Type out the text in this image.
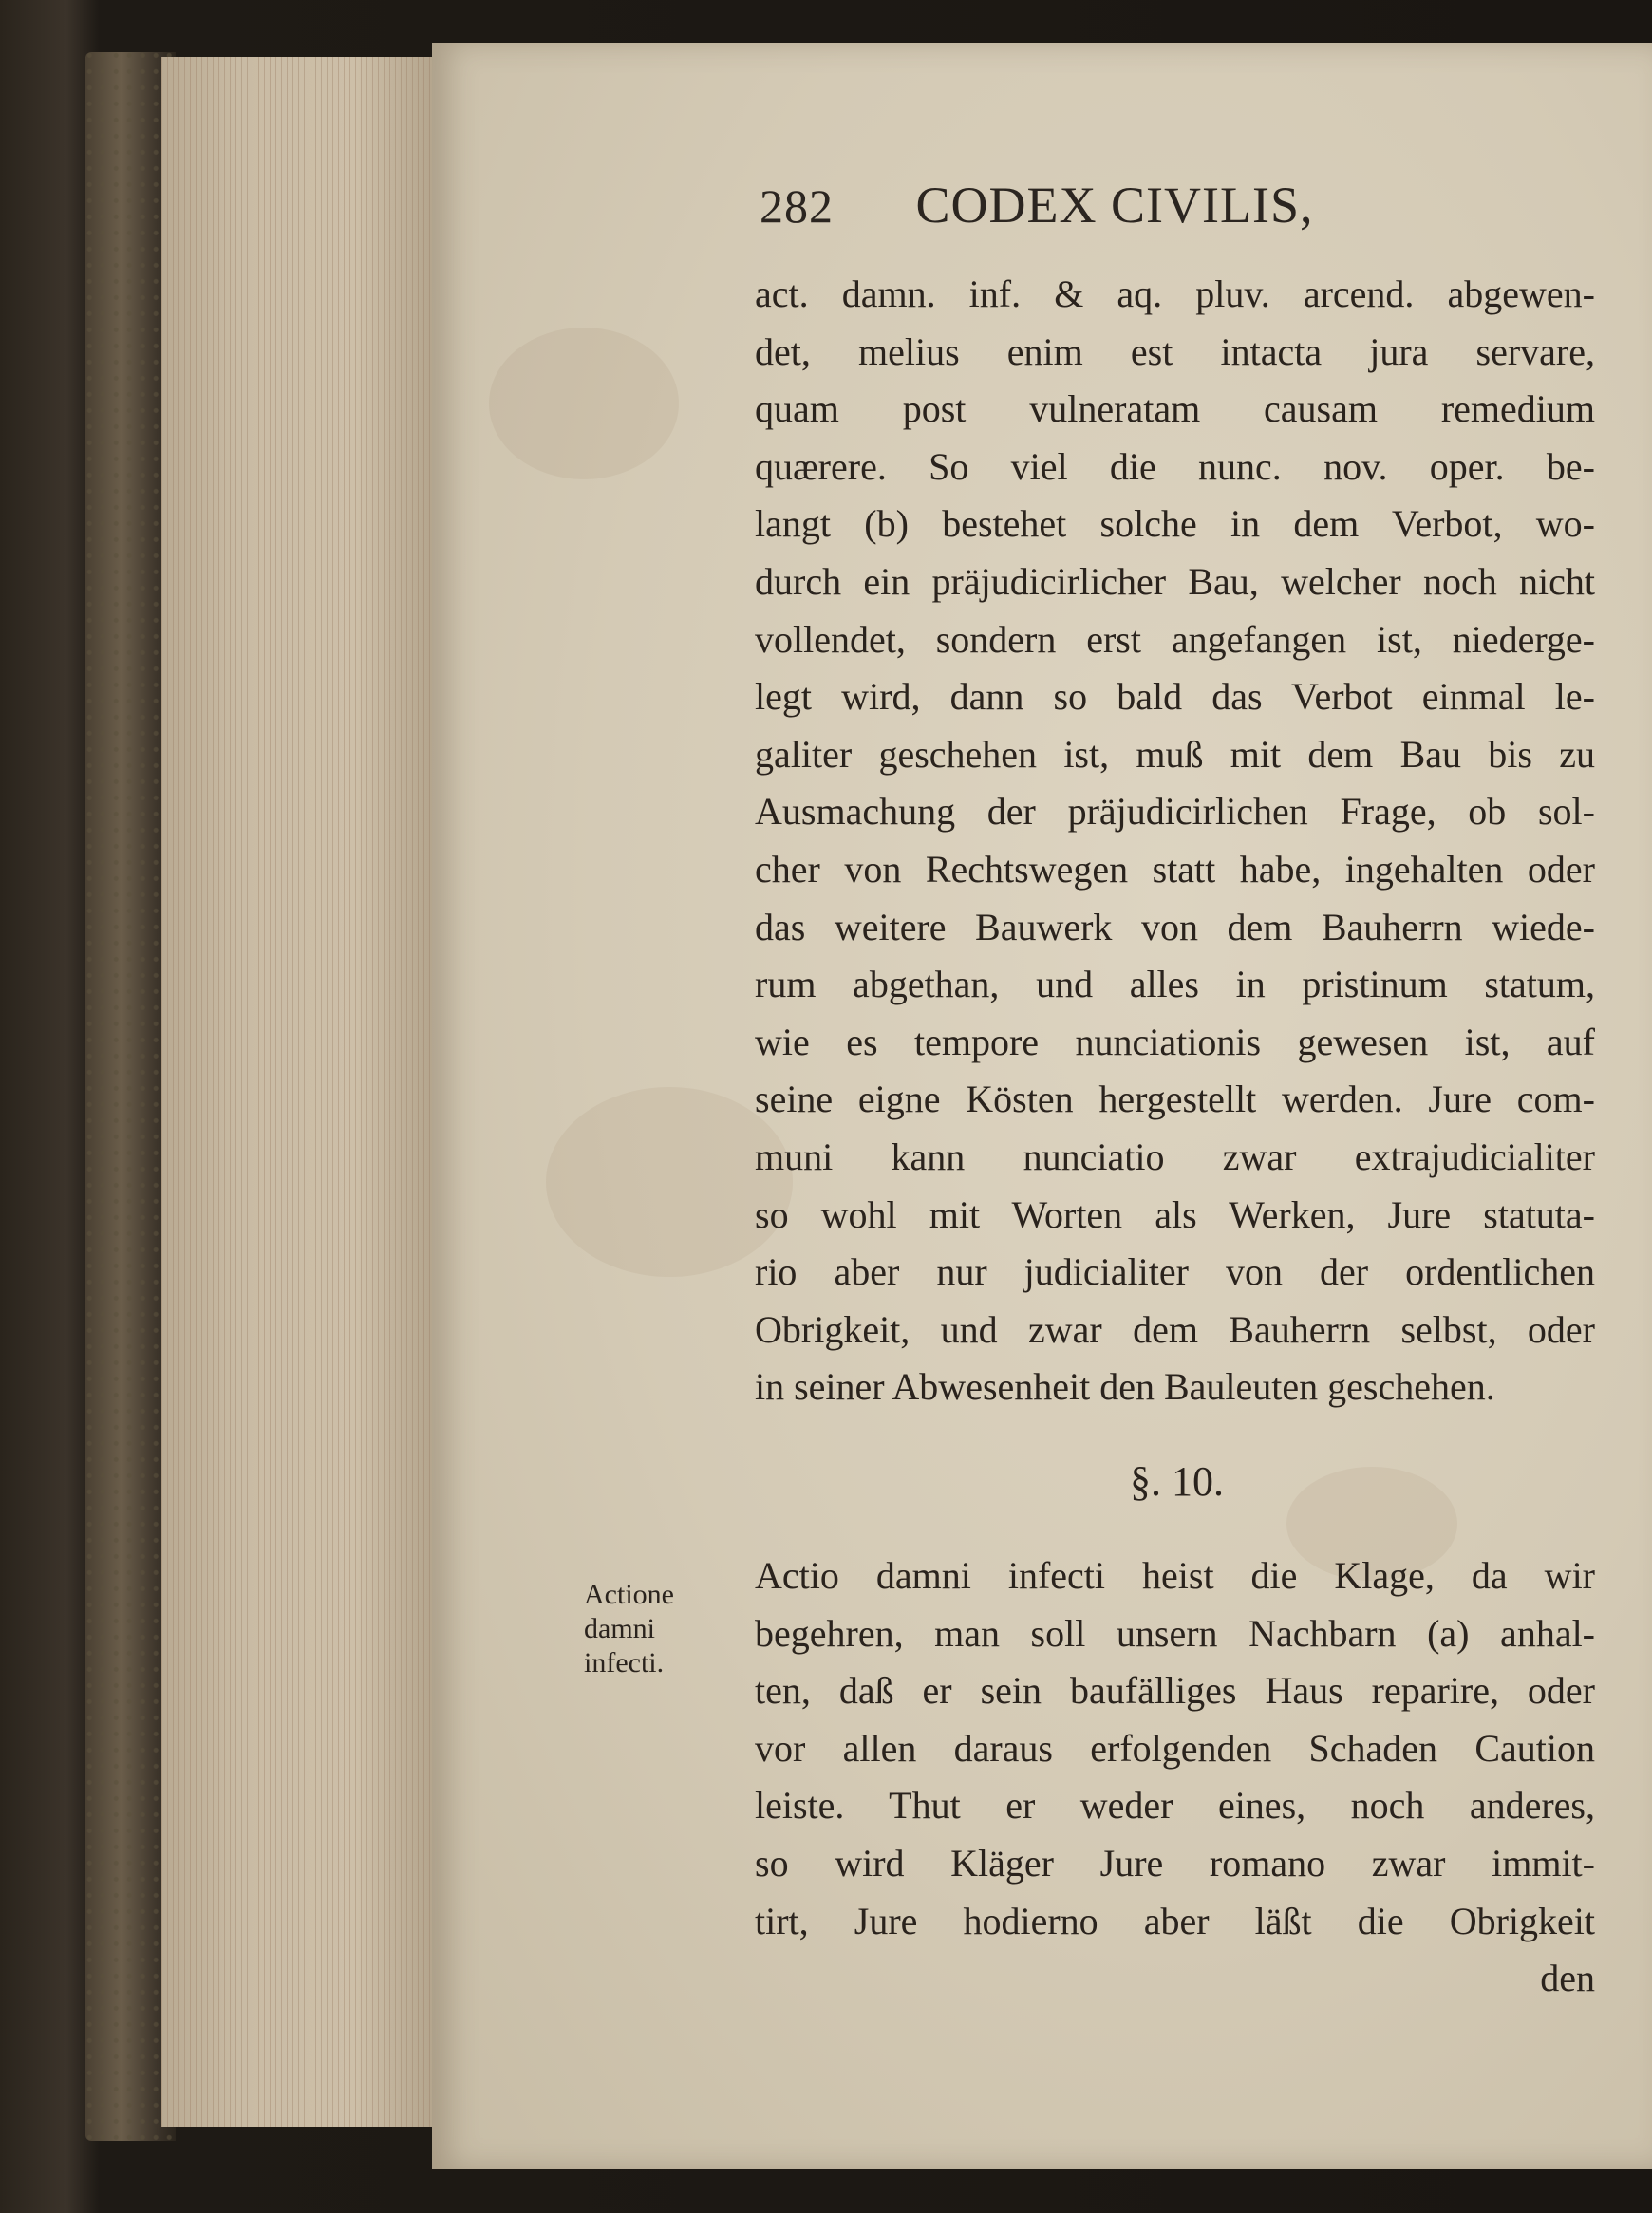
282 CODEX CIVILIS,
act. damn. inf. & aq. pluv. arcend. abgewen-
det, melius enim est intacta jura servare,
quam post vulneratam causam remedium
quærere. So viel die nunc. nov. oper. be-
langt (b) bestehet solche in dem Verbot, wo-
durch ein präjudicirlicher Bau, welcher noch nicht
vollendet, sondern erst angefangen ist, niederge-
legt wird, dann so bald das Verbot einmal le-
galiter geschehen ist, muß mit dem Bau bis zu
Ausmachung der präjudicirlichen Frage, ob sol-
cher von Rechtswegen statt habe, ingehalten oder
das weitere Bauwerk von dem Bauherrn wiede-
rum abgethan, und alles in pristinum statum,
wie es tempore nunciationis gewesen ist, auf
seine eigne Kösten hergestellt werden. Jure com-
muni kann nunciatio zwar extrajudicialiter
so wohl mit Worten als Werken, Jure statuta-
rio aber nur judicialiter von der ordentlichen
Obrigkeit, und zwar dem Bauherrn selbst, oder
in seiner Abwesenheit den Bauleuten geschehen.
§. 10.
Actione
damni
infecti.
Actio damni infecti heist die Klage, da wir
begehren, man soll unsern Nachbarn (a) anhal-
ten, daß er sein baufälliges Haus reparire, oder
vor allen daraus erfolgenden Schaden Caution
leiste. Thut er weder eines, noch anderes,
so wird Kläger Jure romano zwar immit-
tirt, Jure hodierno aber läßt die Obrigkeit
den
